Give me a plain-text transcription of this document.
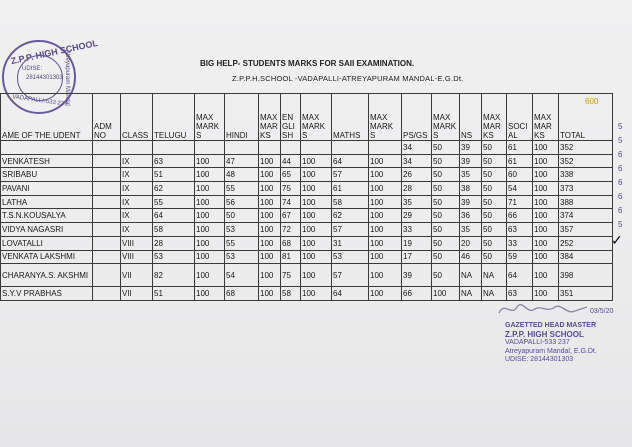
Z.P.P. HIGH SCHOOL
UDISE:
28144301303
VADAPALLI-533 237
Atreyapuram Mandal	BIG HELP- STUDENTS MARKS FOR SAII EXAMINATION.
Z.P.P.H.SCHOOL -VADAPALLI-ATREYAPURAM MANDAL-E.G.Dt.
600
AME OF THE UDENT	ADM NO	CLASS	TELUGU	MAX MARK S	HINDI	MAX MAR KS	EN GLI SH	MAX MARK S	MATHS	MAX MARK S	PS/GS	MAX MARK S	NS	MAX MAR KS	SOCI AL	MAX MAR KS	TOTAL
											34	50	39	50	61	100	352
VENKATESH		IX	63	100	47	100	44	100	64	100	34	50	39	50	61	100	352
SRIBABU		IX	51	100	48	100	65	100	57	100	26	50	35	50	60	100	338
PAVANI		IX	62	100	55	100	75	100	61	100	28	50	38	50	54	100	373
LATHA		IX	55	100	56	100	74	100	58	100	35	50	39	50	71	100	388
T.S.N.KOUSALYA		IX	64	100	50	100	67	100	62	100	29	50	36	50	66	100	374
VIDYA NAGASRI		IX	58	100	53	100	72	100	57	100	33	50	35	50	63	100	357
LOVATALLI		VIII	28	100	55	100	68	100	31	100	19	50	20	50	33	100	252
VENKATA LAKSHMI		VIII	53	100	53	100	81	100	53	100	17	50	46	50	59	100	384
CHARANYA.S. AKSHMI		VII	82	100	54	100	75	100	57	100	39	50	NA	NA	64	100	398
S.Y.V PRABHAS		VII	51	100	68	100	58	100	64	100	66	100	NA	NA	63	100	351
5
5
6
6
6
6
6
5
✓
03/5/20
GAZETTED HEAD MASTER
Z.P.P. HIGH SCHOOL
VADAPALLI-533 237
Atreyapuram Mandal, E.G.Dt.
UDISE: 28144301303
